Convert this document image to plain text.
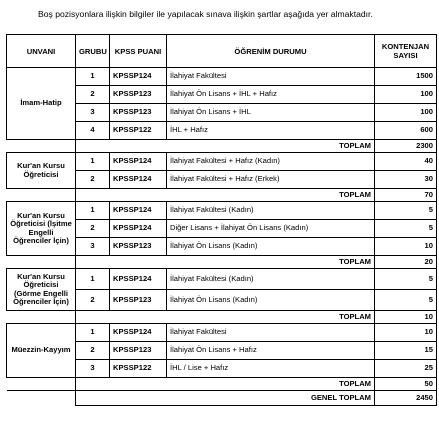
Boş pozisyonlara ilişkin bilgiler ile yapılacak sınava ilişkin şartlar aşağıda yer almaktadır.
UNVANI	GRUBU	KPSS PUANI	ÖĞRENİM DURUMU	KONTENJAN SAYISI
İmam-Hatip	1	KPSSP124	İlahiyat Fakültesi	1500
	2	KPSSP123	İlahiyat Ön Lisans + İHL + Hafız	100
	3	KPSSP123	İlahiyat Ön Lisans + İHL	100
	4	KPSSP122	İHL + Hafız	600
	TOPLAM			2300
Kur'an Kursu Öğreticisi	1	KPSSP124	İlahiyat Fakültesi + Hafız (Kadın)	40
	2	KPSSP124	İlahiyat Fakültesi + Hafız (Erkek)	30
	TOPLAM			70
Kur'an Kursu Öğreticisi (İşitme Engelli Öğrenciler İçin)	1	KPSSP124	İlahiyat Fakültesi (Kadın)	5
	2	KPSSP124	Diğer Lisans + İlahiyat Ön Lisans (Kadın)	5
	3	KPSSP123	İlahiyat Ön Lisans (Kadın)	10
	TOPLAM			20
Kur'an Kursu Öğreticisi (Görme Engelli Öğrenciler İçin)	1	KPSSP124	İlahiyat Fakültesi (Kadın)	5
	2	KPSSP123	İlahiyat Ön Lisans (Kadın)	5
	TOPLAM			10
Müezzin-Kayyım	1	KPSSP124	İlahiyat Fakültesi	10
	2	KPSSP123	İlahiyat Ön Lisans + Hafız	15
	3	KPSSP122	İHL / Lise + Hafız	25
	TOPLAM			50
	GENEL TOPLAM			2450
